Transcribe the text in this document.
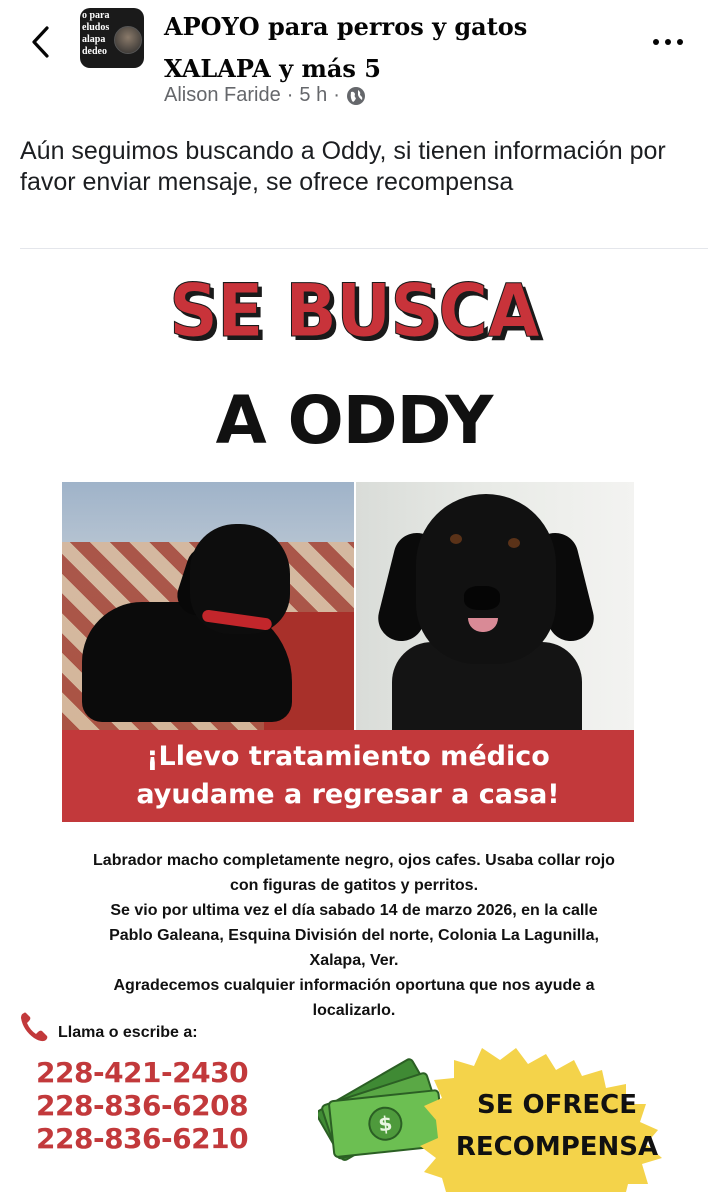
o para eludos alapa dedeo
APOYO para perros y gatos XALAPA y más 5
Alison Faride · 5 h ·
Aún seguimos buscando a Oddy, si tienen información por favor enviar mensaje, se ofrece recompensa
SE BUSCA
A ODDY
¡Llevo tratamiento médico
ayudame a regresar a casa!
Labrador macho completamente negro, ojos cafes. Usaba collar rojo
con figuras de gatitos y perritos.
Se vio por ultima vez el día sabado 14 de marzo 2026, en la calle
Pablo Galeana, Esquina División del norte, Colonia La Lagunilla,
Xalapa, Ver.
Agradecemos cualquier información oportuna que nos ayude a
localizarlo.
Llama o escribe a:
228-421-2430
228-836-6208
228-836-6210	$
SE OFRECE
RECOMPENSA
